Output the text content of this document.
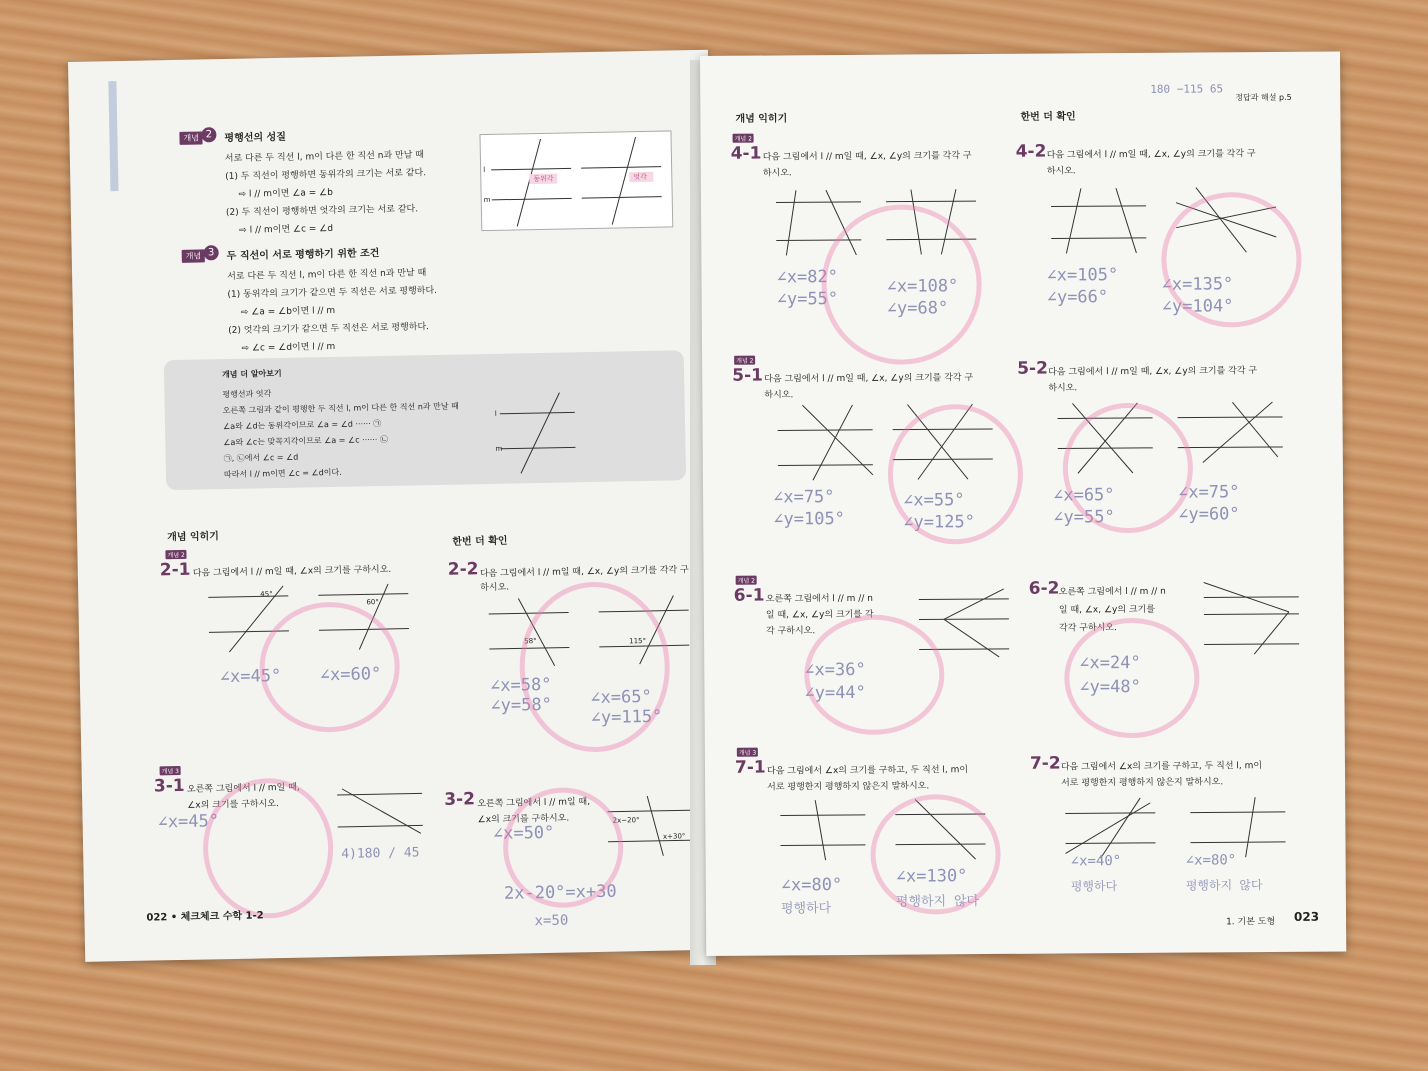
개념 2	평행선의 성질
서로 다른 두 직선 l, m이 다른 한 직선 n과 만날 때
(1) 두 직선이 평행하면 동위각의 크기는 서로 같다.
⇨ l // m이면 ∠a = ∠b
(2) 두 직선이 평행하면 엇각의 크기는 서로 같다.
⇨ l // m이면 ∠c = ∠d
l
m
동위각	엇각
개념 3	두 직선이 서로 평행하기 위한 조건
서로 다른 두 직선 l, m이 다른 한 직선 n과 만날 때
(1) 동위각의 크기가 같으면 두 직선은 서로 평행하다.
⇨ ∠a = ∠b이면 l // m
(2) 엇각의 크기가 같으면 두 직선은 서로 평행하다.
⇨ ∠c = ∠d이면 l // m
개념 더 알아보기
평행선과 엇각
오른쪽 그림과 같이 평행한 두 직선 l, m이 다른 한 직선 n과 만날 때
∠a와 ∠d는 동위각이므로 ∠a = ∠d ······ ㉠
∠a와 ∠c는 맞꼭지각이므로 ∠a = ∠c ······ ㉡
㉠, ㉡에서 ∠c = ∠d
따라서 l // m이면 ∠c = ∠d이다.
l
m
개념 익히기	한번 더 확인
개념 2
2-1 다음 그림에서 l // m일 때, ∠x의 크기를 구하시오.
45°
60°
∠x=45° ∠x=60°
2-2 다음 그림에서 l // m일 때, ∠x, ∠y의 크기를 각각 구
하시오.
58°	115°
∠x=58°
∠y=58° ∠x=65°
∠y=115°
개념 3
3-1 오른쪽 그림에서 l // m일 때,
∠x의 크기를 구하시오.
∠x=45°
4)180 / 45
3-2 오른쪽 그림에서 l // m일 때,
∠x의 크기를 구하시오.
∠x=50°
2x−20°
x+30°
2x-20°=x+30
x=50
022 • 체크체크 수학 1-2
개념 익히기	한번 더 확인
정답과 해설 p.5
180 −115 65
개념 2
4-1 다음 그림에서 l // m일 때, ∠x, ∠y의 크기를 각각 구
하시오.
∠x=82°
∠y=55°
∠x=108°
∠y=68°
4-2 다음 그림에서 l // m일 때, ∠x, ∠y의 크기를 각각 구
하시오.
∠x=105°
∠y=66°
∠x=135°
∠y=104°
개념 2
5-1 다음 그림에서 l // m일 때, ∠x, ∠y의 크기를 각각 구
하시오.
∠x=75°
∠y=105°
∠x=55°
∠y=125°
5-2 다음 그림에서 l // m일 때, ∠x, ∠y의 크기를 각각 구
하시오.
∠x=65°
∠y=55°
∠x=75°
∠y=60°
개념 2
6-1 오른쪽 그림에서 l // m // n
일 때, ∠x, ∠y의 크기를 각
각 구하시오.
∠x=36°
∠y=44°
6-2 오른쪽 그림에서 l // m // n
일 때, ∠x, ∠y의 크기를
각각 구하시오.
∠x=24°
∠y=48°
개념 3
7-1 다음 그림에서 ∠x의 크기를 구하고, 두 직선 l, m이
서로 평행한지 평행하지 않은지 말하시오.
∠x=80°
평행하다
∠x=130°
평행하지 않다
7-2 다음 그림에서 ∠x의 크기를 구하고, 두 직선 l, m이
서로 평행한지 평행하지 않은지 말하시오.
∠x=40°
평행하다
∠x=80°
평행하지 않다
1. 기본 도형 023
